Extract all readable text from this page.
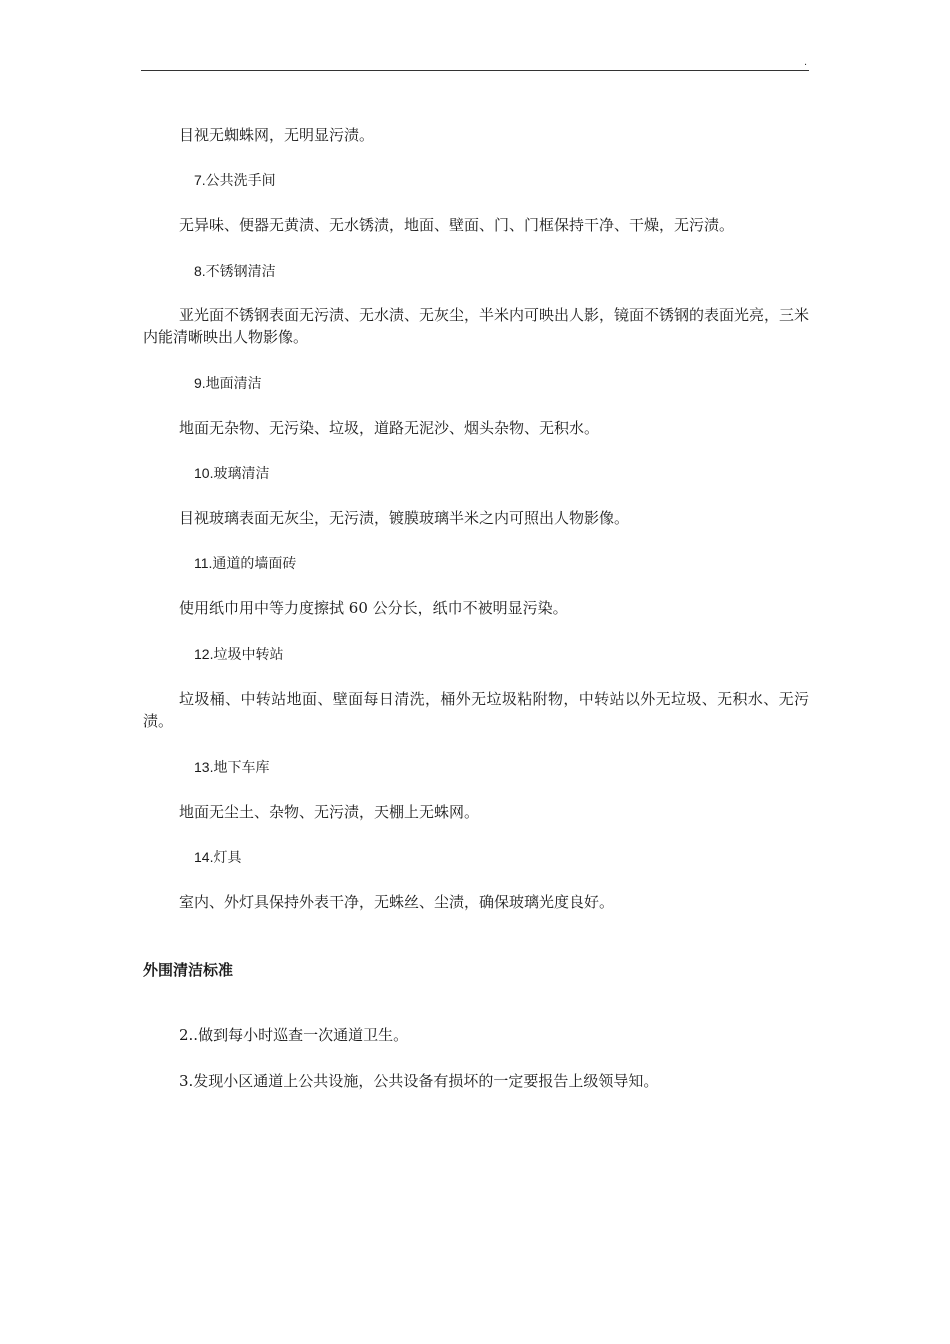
.
目视无蜘蛛网，无明显污渍。
7.公共洗手间
无异味、便器无黄渍、无水锈渍，地面、壁面、门、门框保持干净、干燥，无污渍。
8.不锈钢清洁
亚光面不锈钢表面无污渍、无水渍、无灰尘，半米内可映出人影，镜面不锈钢的表面光亮，三米内能清晰映出人物影像。
9.地面清洁
地面无杂物、无污染、垃圾，道路无泥沙、烟头杂物、无积水。
10.玻璃清洁
目视玻璃表面无灰尘，无污渍，镀膜玻璃半米之内可照出人物影像。
11.通道的墙面砖
使用纸巾用中等力度擦拭 60 公分长，纸巾不被明显污染。
12.垃圾中转站
垃圾桶、中转站地面、壁面每日清洗，桶外无垃圾粘附物，中转站以外无垃圾、无积水、无污渍。
13.地下车库
地面无尘土、杂物、无污渍，天棚上无蛛网。
14.灯具
室内、外灯具保持外表干净，无蛛丝、尘渍，确保玻璃光度良好。
外围清洁标准
2..做到每小时巡查一次通道卫生。
3.发现小区通道上公共设施，公共设备有损坏的一定要报告上级领导知。
